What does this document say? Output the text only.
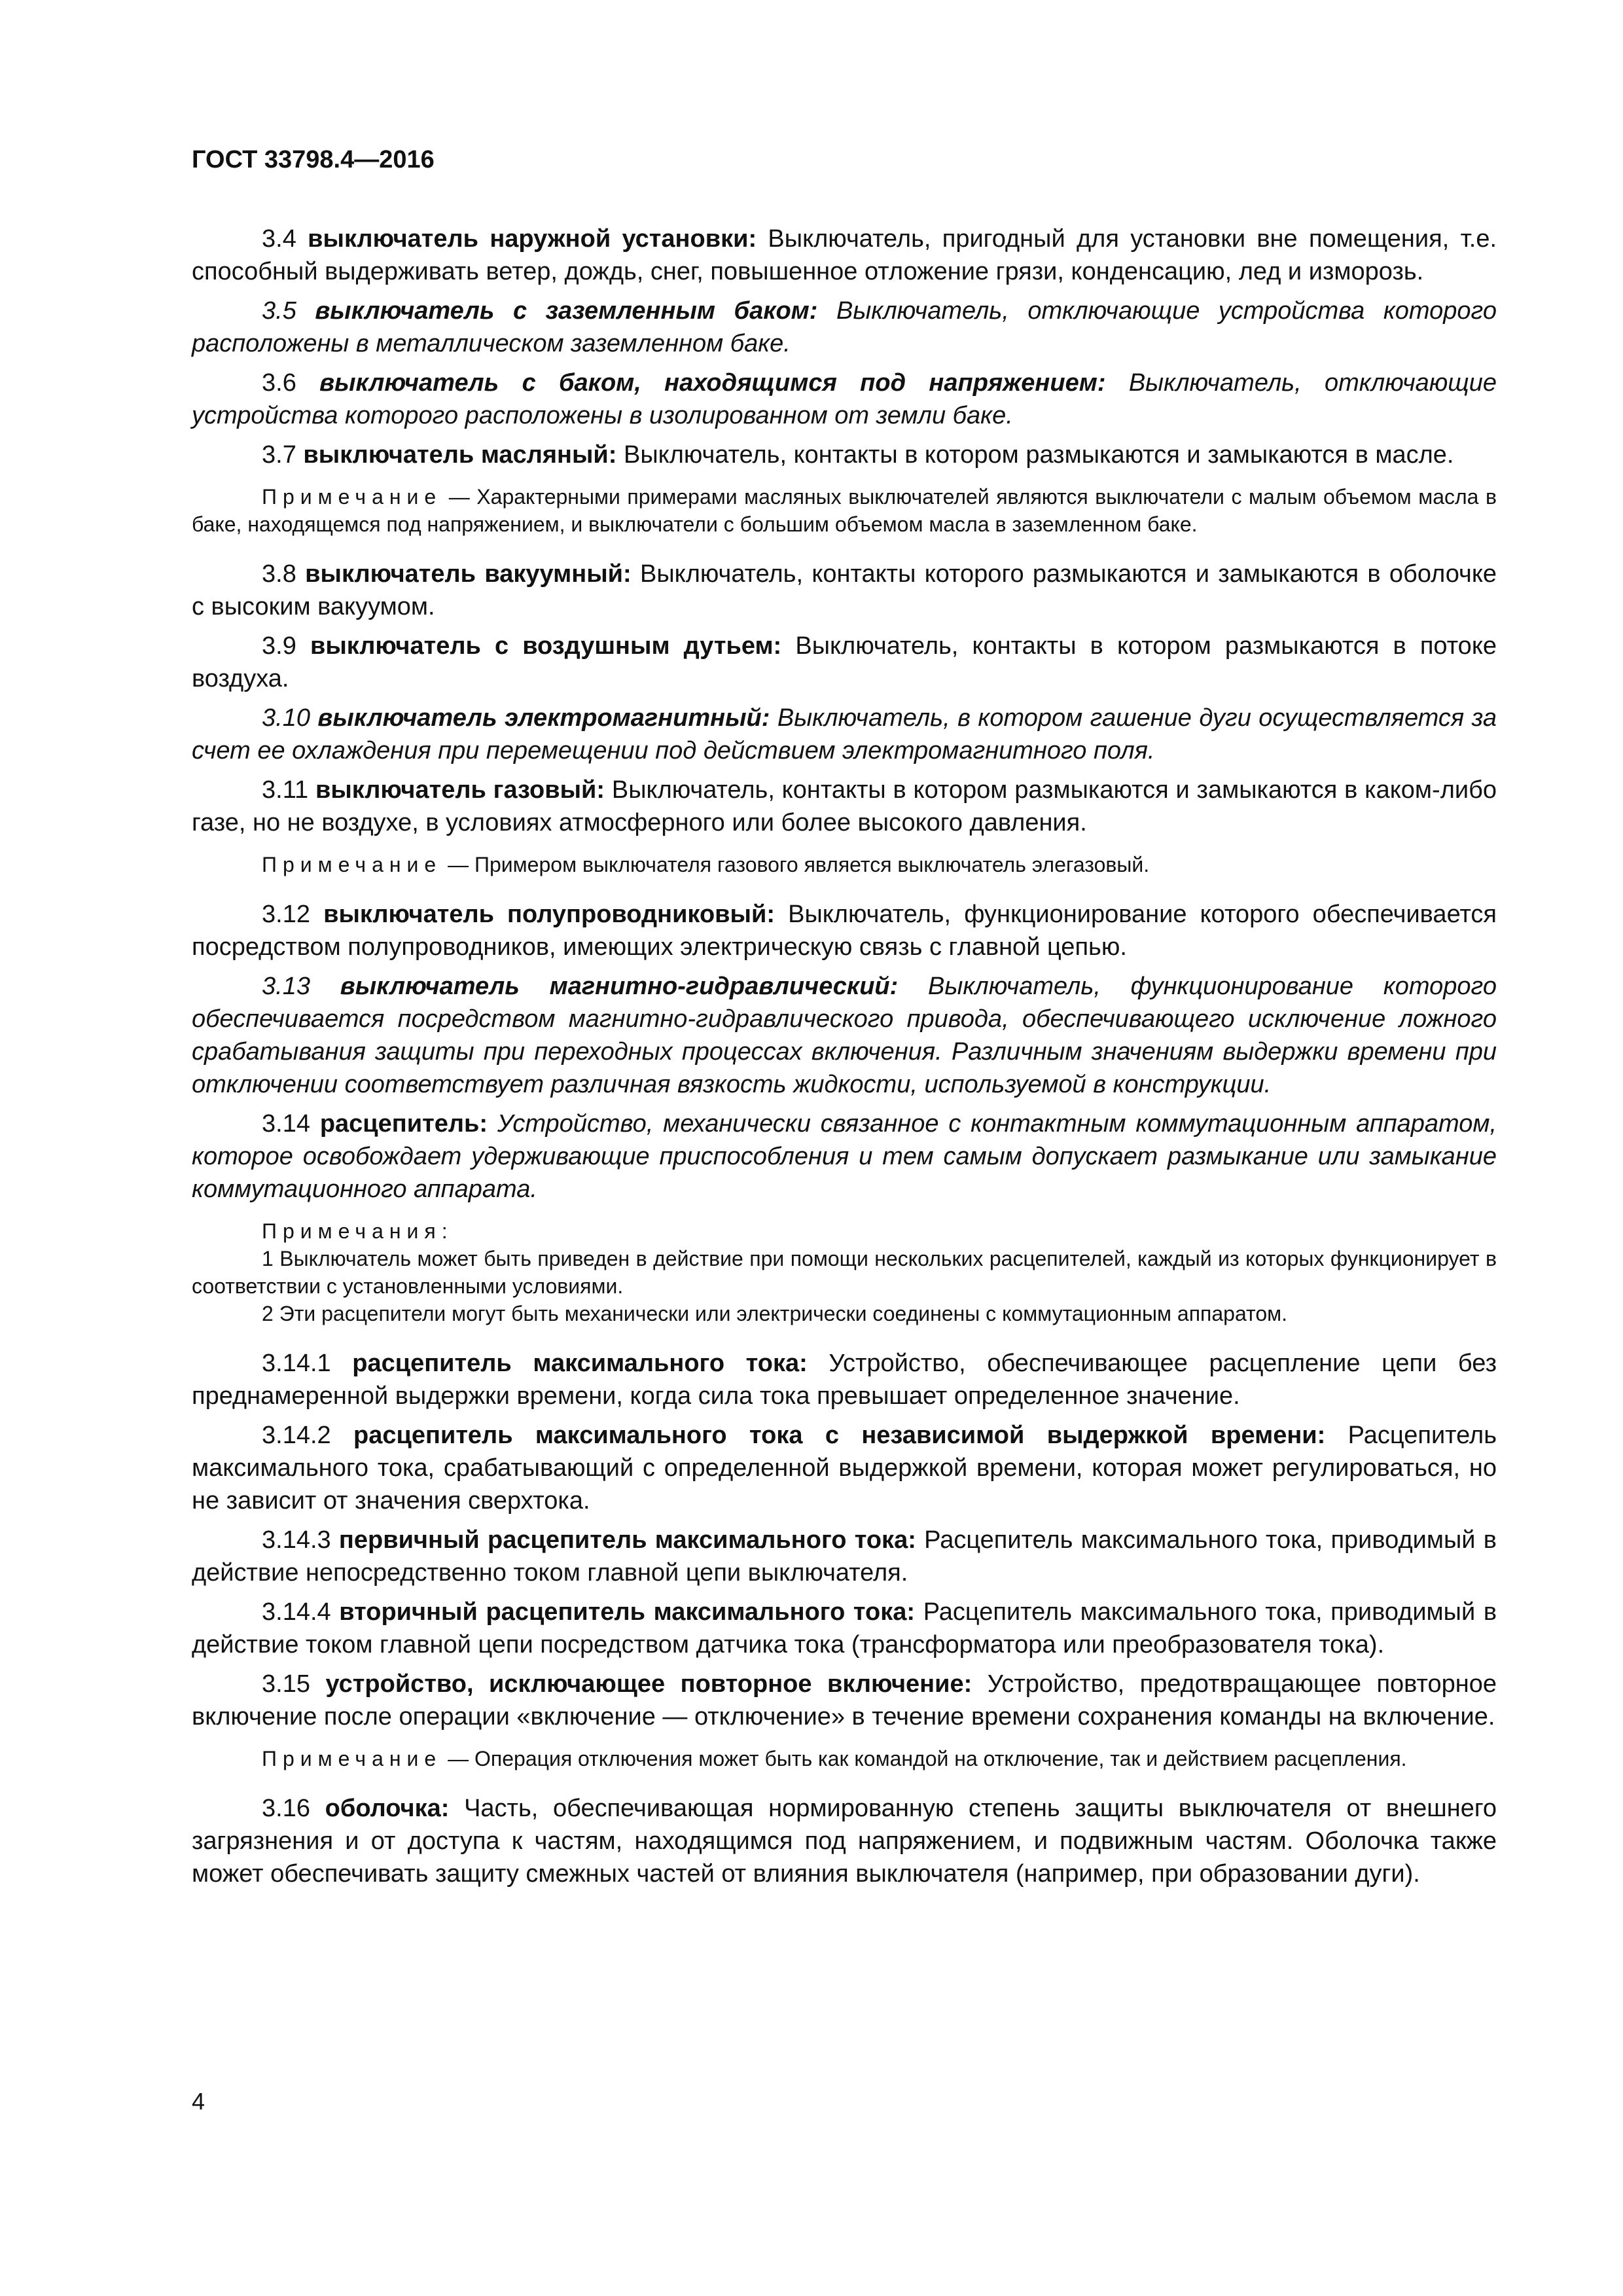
ГОСТ 33798.4—2016

3.4 выключатель наружной установки: Выключатель, пригодный для установки вне помещения, т.е. способный выдерживать ветер, дождь, снег, повышенное отложение грязи, конденсацию, лед и изморозь.

3.5 выключатель с заземленным баком: Выключатель, отключающие устройства которого расположены в металлическом заземленном баке.

3.6 выключатель с баком, находящимся под напряжением: Выключатель, отключающие устройства которого расположены в изолированном от земли баке.

3.7 выключатель масляный: Выключатель, контакты в котором размыкаются и замыкаются в масле.

Примечание — Характерными примерами масляных выключателей являются выключатели с малым объемом масла в баке, находящемся под напряжением, и выключатели с большим объемом масла в заземленном баке.

3.8 выключатель вакуумный: Выключатель, контакты которого размыкаются и замыкаются в оболочке с высоким вакуумом.

3.9 выключатель с воздушным дутьем: Выключатель, контакты в котором размыкаются в потоке воздуха.

3.10 выключатель электромагнитный: Выключатель, в котором гашение дуги осуществляется за счет ее охлаждения при перемещении под действием электромагнитного поля.

3.11 выключатель газовый: Выключатель, контакты в котором размыкаются и замыкаются в каком-либо газе, но не воздухе, в условиях атмосферного или более высокого давления.

Примечание — Примером выключателя газового является выключатель элегазовый.

3.12 выключатель полупроводниковый: Выключатель, функционирование которого обеспечивается посредством полупроводников, имеющих электрическую связь с главной цепью.

3.13 выключатель магнитно-гидравлический: Выключатель, функционирование которого обеспечивается посредством магнитно-гидравлического привода, обеспечивающего исключение ложного срабатывания защиты при переходных процессах включения. Различным значениям выдержки времени при отключении соответствует различная вязкость жидкости, используемой в конструкции.

3.14 расцепитель: Устройство, механически связанное с контактным коммутационным аппаратом, которое освобождает удерживающие приспособления и тем самым допускает размыкание или замыкание коммутационного аппарата.

Примечания:

1 Выключатель может быть приведен в действие при помощи нескольких расцепителей, каждый из которых функционирует в соответствии с установленными условиями.

2 Эти расцепители могут быть механически или электрически соединены с коммутационным аппаратом.

3.14.1 расцепитель максимального тока: Устройство, обеспечивающее расцепление цепи без преднамеренной выдержки времени, когда сила тока превышает определенное значение.

3.14.2 расцепитель максимального тока с независимой выдержкой времени: Расцепитель максимального тока, срабатывающий с определенной выдержкой времени, которая может регулироваться, но не зависит от значения сверхтока.

3.14.3 первичный расцепитель максимального тока: Расцепитель максимального тока, приводимый в действие непосредственно током главной цепи выключателя.

3.14.4 вторичный расцепитель максимального тока: Расцепитель максимального тока, приводимый в действие током главной цепи посредством датчика тока (трансформатора или преобразователя тока).

3.15 устройство, исключающее повторное включение: Устройство, предотвращающее повторное включение после операции «включение — отключение» в течение времени сохранения команды на включение.

Примечание — Операция отключения может быть как командой на отключение, так и действием расцепления.

3.16 оболочка: Часть, обеспечивающая нормированную степень защиты выключателя от внешнего загрязнения и от доступа к частям, находящимся под напряжением, и подвижным частям. Оболочка также может обеспечивать защиту смежных частей от влияния выключателя (например, при образовании дуги).

4
